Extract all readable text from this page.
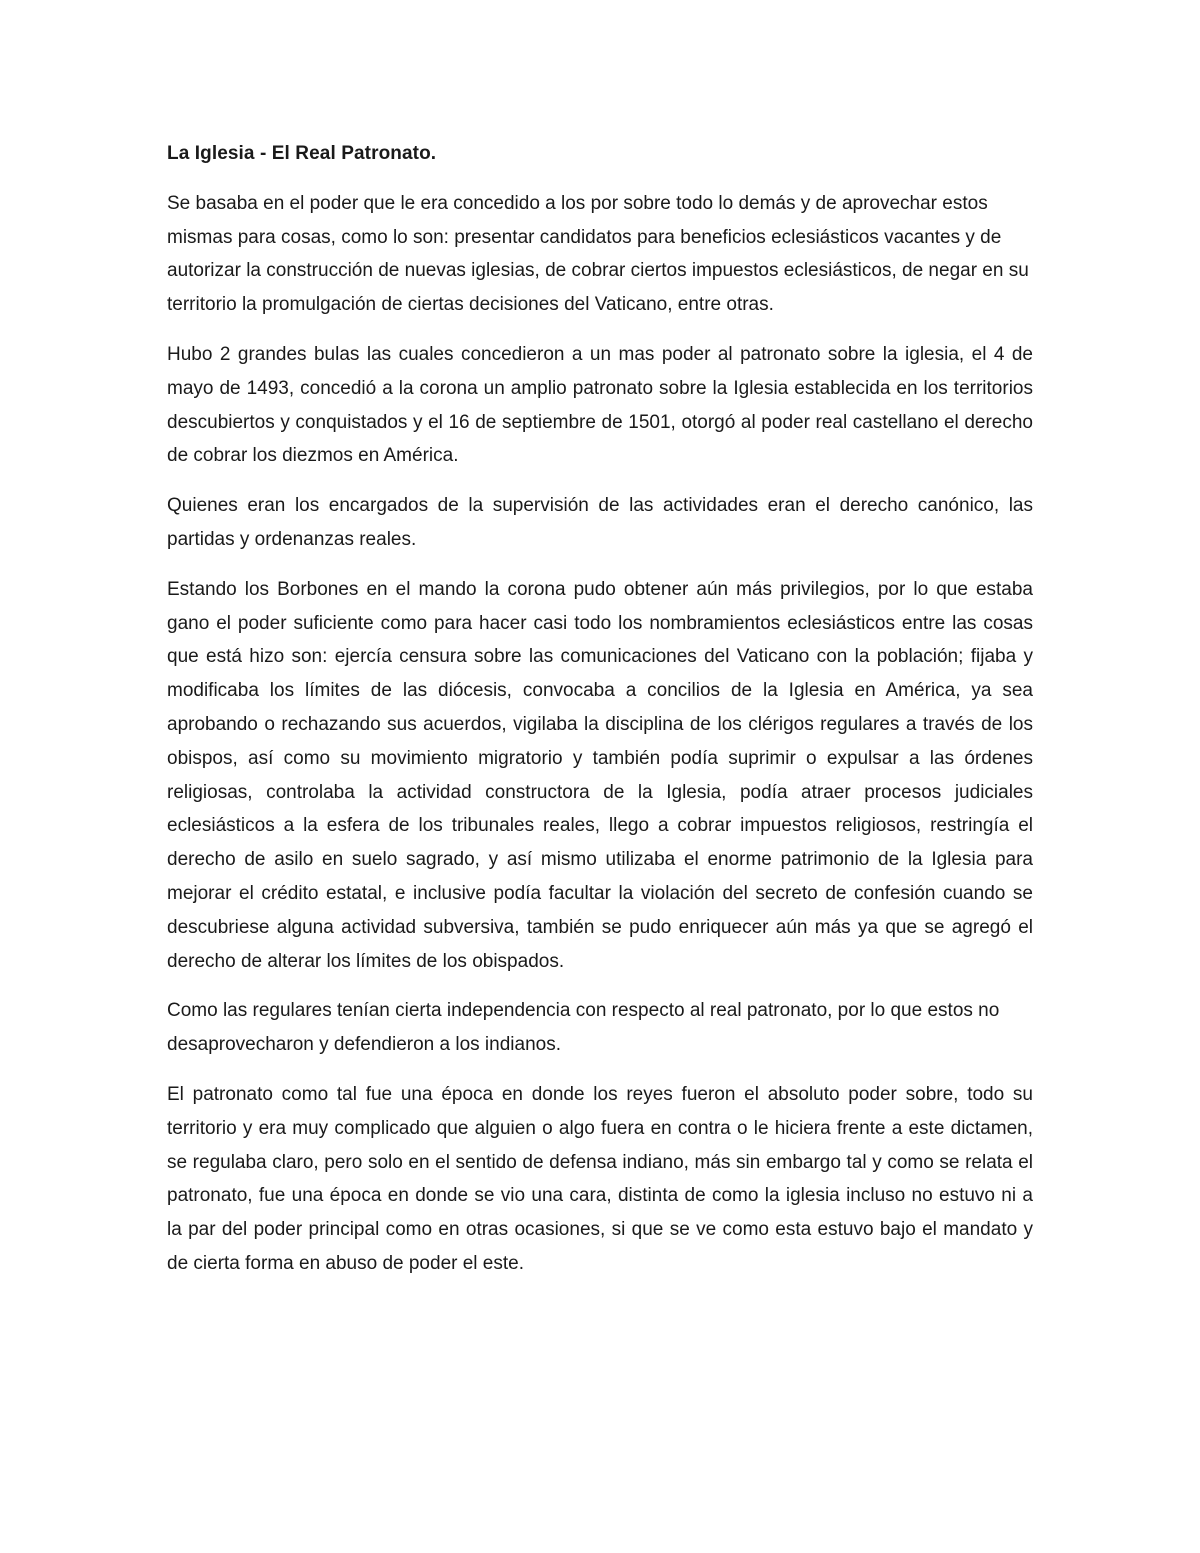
La Iglesia - El Real Patronato.

Se basaba en el poder que le era concedido a los por sobre todo lo demás y de aprovechar estos mismas para cosas, como lo son: presentar candidatos para beneficios eclesiásticos vacantes y de autorizar la construcción de nuevas iglesias, de cobrar ciertos impuestos eclesiásticos, de negar en su territorio la promulgación de ciertas decisiones del Vaticano, entre otras.

Hubo 2 grandes bulas las cuales concedieron a un mas poder al patronato sobre la iglesia, el 4 de mayo de 1493, concedió a la corona un amplio patronato sobre la Iglesia establecida en los territorios descubiertos y conquistados y el 16 de septiembre de 1501, otorgó al poder real castellano el derecho de cobrar los diezmos en América.

Quienes eran los encargados de la supervisión de las actividades eran el derecho canónico, las partidas y ordenanzas reales.

Estando los Borbones en el mando la corona pudo obtener aún más privilegios, por lo que estaba gano el poder suficiente como para hacer casi todo los nombramientos eclesiásticos entre las cosas que está hizo son: ejercía censura sobre las comunicaciones del Vaticano con la población; fijaba y modificaba los límites de las diócesis, convocaba a concilios de la Iglesia en América, ya sea aprobando o rechazando sus acuerdos, vigilaba la disciplina de los clérigos regulares a través de los obispos, así como su movimiento migratorio y también podía suprimir o expulsar a las órdenes religiosas, controlaba la actividad constructora de la Iglesia, podía atraer procesos judiciales eclesiásticos a la esfera de los tribunales reales, llego a cobrar impuestos religiosos, restringía el derecho de asilo en suelo sagrado, y así mismo utilizaba el enorme patrimonio de la Iglesia para mejorar el crédito estatal, e inclusive podía facultar la violación del secreto de confesión cuando se descubriese alguna actividad subversiva, también se pudo enriquecer aún más ya que se agregó el derecho de alterar los límites de los obispados.

Como las regulares tenían cierta independencia con respecto al real patronato, por lo que estos no desaprovecharon y defendieron a los indianos.

El patronato como tal fue una época en donde los reyes fueron el absoluto poder sobre, todo su territorio y era muy complicado que alguien o algo fuera en contra o le hiciera frente a este dictamen, se regulaba claro, pero solo en el sentido de defensa indiano, más sin embargo tal y como se relata el patronato, fue una época en donde se vio una cara, distinta de como la iglesia incluso no estuvo ni a la par del poder principal como en otras ocasiones, si que se ve como esta estuvo bajo el mandato y de cierta forma en abuso de poder el este.
